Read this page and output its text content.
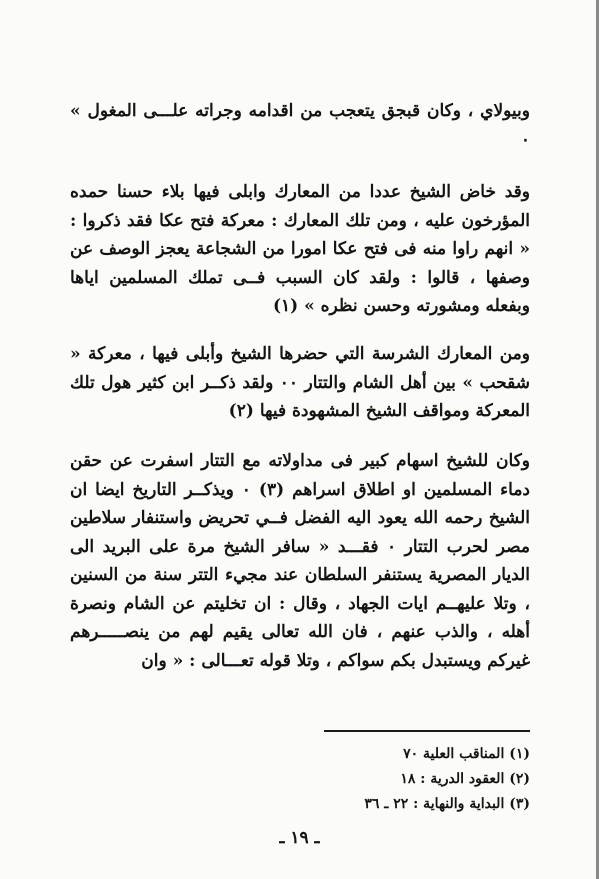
وبيولاي ، وكان قبجق يتعجب من اقدامه وجراته علـــى المغول » ٠

وقد خاض الشيخ عددا من المعارك وابلى فيها بلاء حسنا حمده المؤرخون عليه ، ومن تلك المعارك : معركة فتح عكا فقد ذكروا : « انهم راوا منه فى فتح عكا امورا من الشجاعة يعجز الوصف عن وصفها ، قالوا : ولقد كان السبب فــى تملك المسلمين اياها وبفعله ومشورته وحسن نظره » (١)

ومن المعارك الشرسة التي حضرها الشيخ وأبلى فيها ، معركة « شقحب » بين أهل الشام والتتار ٠٠ ولقد ذكــر ابن كثير هول تلك المعركة ومواقف الشيخ المشهودة فيها (٢)

وكان للشيخ اسهام كبير فى مداولاته مع التتار اسفرت عن حقن دماء المسلمين او اطلاق اسراهم (٣) ٠ ويذكــر التاريخ ايضا ان الشيخ رحمه الله يعود اليه الفضل فــي تحريض واستنفار سلاطين مصر لحرب التتار ٠ فقـــد « سافر الشيخ مرة على البريد الى الديار المصرية يستنفر السلطان عند مجيء التتر سنة من السنين ، وتلا عليهــم ايات الجهاد ، وقال : ان تخليتم عن الشام ونصرة أهله ، والذب عنهم ، فان الله تعالى يقيم لهم من ينصـــــرهم غيركم ويستبدل بكم سواكم ، وتلا قوله تعـــالى : « وان

(١) المناقب العلية ٧٠
(٢) العقود الدرية : ١٨
(٣) البداية والنهاية : ٢٢ ـ ٣٦
ـ ١٩ ـ
